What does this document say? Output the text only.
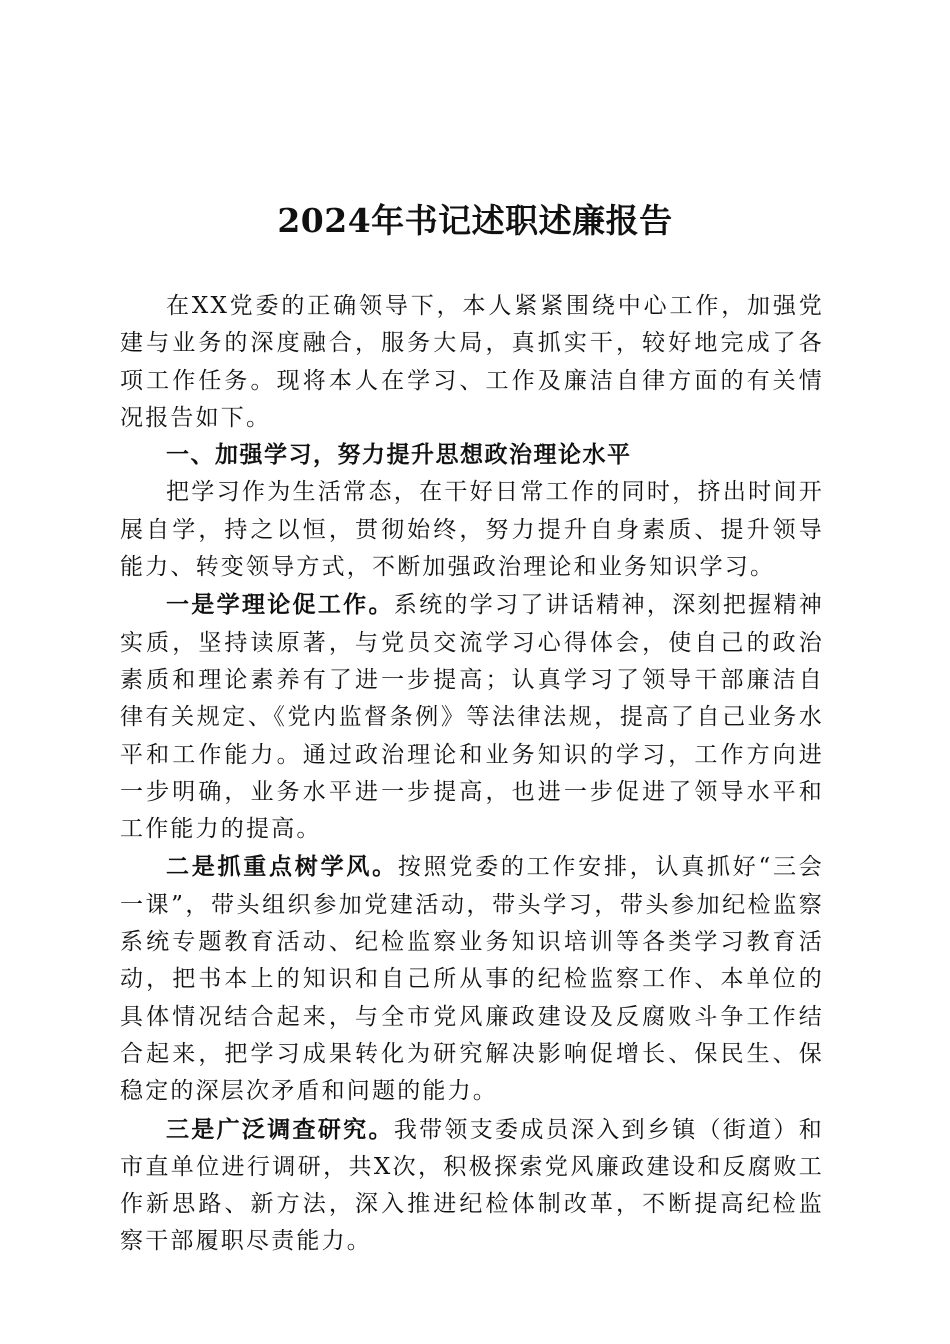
2024年书记述职述廉报告

在XX党委的正确领导下，本人紧紧围绕中心工作，加强党建与业务的深度融合，服务大局，真抓实干，较好地完成了各项工作任务。现将本人在学习、工作及廉洁自律方面的有关情况报告如下。

一、加强学习，努力提升思想政治理论水平

把学习作为生活常态，在干好日常工作的同时，挤出时间开展自学，持之以恒，贯彻始终，努力提升自身素质、提升领导能力、转变领导方式，不断加强政治理论和业务知识学习。

一是学理论促工作。系统的学习了讲话精神，深刻把握精神实质，坚持读原著，与党员交流学习心得体会，使自己的政治素质和理论素养有了进一步提高；认真学习了领导干部廉洁自律有关规定、《党内监督条例》等法律法规，提高了自己业务水平和工作能力。通过政治理论和业务知识的学习，工作方向进一步明确，业务水平进一步提高，也进一步促进了领导水平和工作能力的提高。

二是抓重点树学风。按照党委的工作安排，认真抓好“三会一课”，带头组织参加党建活动，带头学习，带头参加纪检监察系统专题教育活动、纪检监察业务知识培训等各类学习教育活动，把书本上的知识和自己所从事的纪检监察工作、本单位的具体情况结合起来，与全市党风廉政建设及反腐败斗争工作结合起来，把学习成果转化为研究解决影响促增长、保民生、保稳定的深层次矛盾和问题的能力。

三是广泛调查研究。我带领支委成员深入到乡镇（街道）和市直单位进行调研，共X次，积极探索党风廉政建设和反腐败工作新思路、新方法，深入推进纪检体制改革，不断提高纪检监察干部履职尽责能力。
